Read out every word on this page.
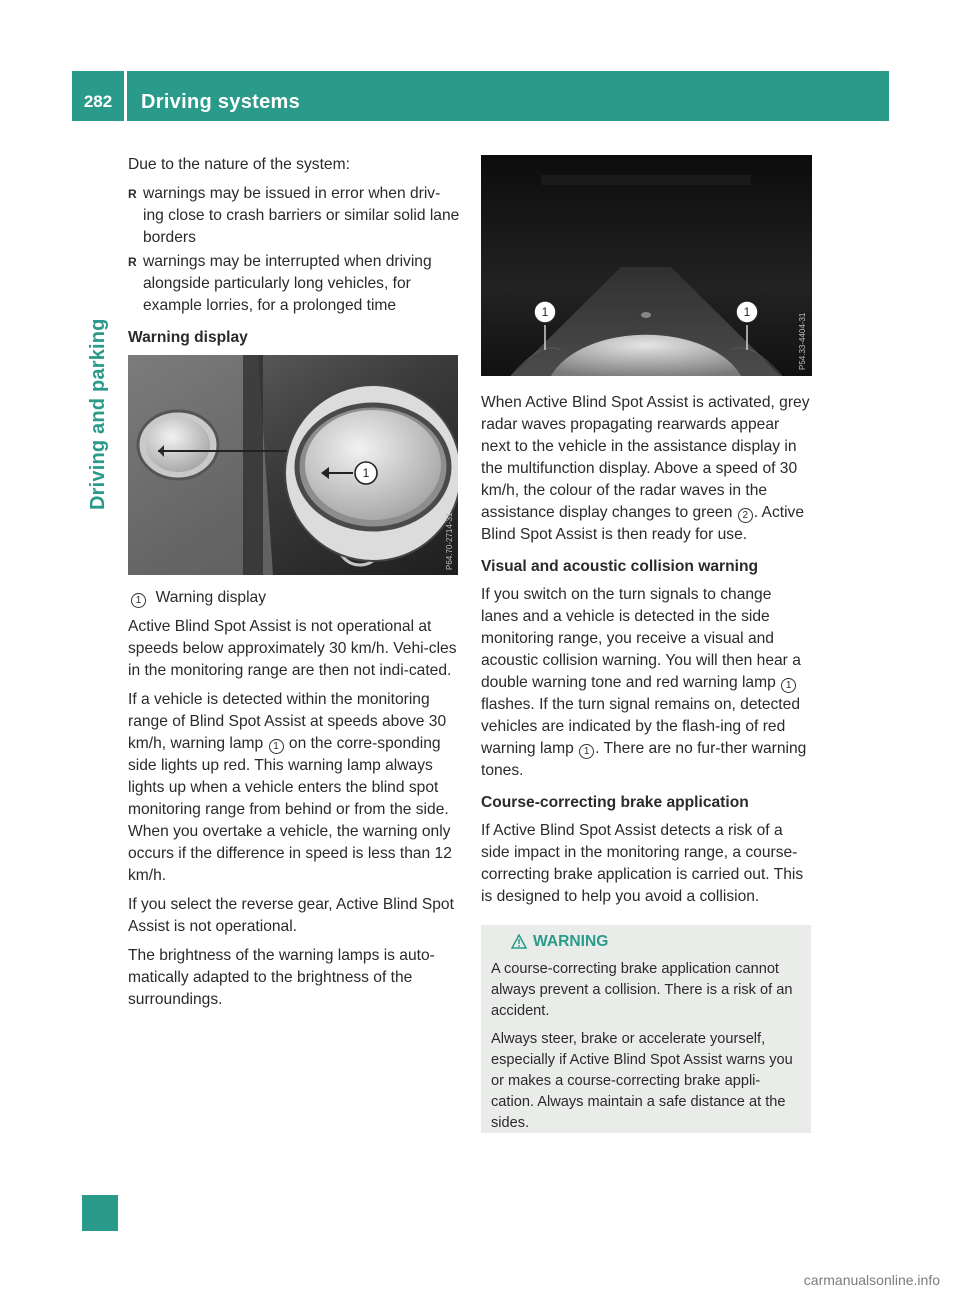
282	Driving systems
Driving and parking

Due to the nature of the system:

R warnings may be issued in error when driv-ing close to crash barriers or similar solid lane borders
R warnings may be interrupted when driving alongside particularly long vehicles, for example lorries, for a prolonged time
Warning display
1
P64.70-2714-31

1 Warning display

Active Blind Spot Assist is not operational at speeds below approximately 30 km/h. Vehi-cles in the monitoring range are then not indi-cated.

If a vehicle is detected within the monitoring range of Blind Spot Assist at speeds above 30 km/h, warning lamp 1 on the corre-sponding side lights up red. This warning lamp always lights up when a vehicle enters the blind spot monitoring range from behind or from the side. When you overtake a vehicle, the warning only occurs if the difference in speed is less than 12 km/h.

If you select the reverse gear, Active Blind Spot Assist is not operational.

The brightness of the warning lamps is auto-matically adapted to the brightness of the surroundings.

1	1
P54.33-4404-31

When Active Blind Spot Assist is activated, grey radar waves propagating rearwards appear next to the vehicle in the assistance display in the multifunction display. Above a speed of 30 km/h, the colour of the radar waves in the assistance display changes to green 2 . Active Blind Spot Assist is then ready for use.

Visual and acoustic collision warning

If you switch on the turn signals to change lanes and a vehicle is detected in the side monitoring range, you receive a visual and acoustic collision warning. You will then hear a double warning tone and red warning lamp 1 flashes. If the turn signal remains on, detected vehicles are indicated by the flash-ing of red warning lamp 1 . There are no fur-ther warning tones.

Course-correcting brake application

If Active Blind Spot Assist detects a risk of a side impact in the monitoring range, a course-correcting brake application is carried out. This is designed to help you avoid a collision.

WARNING

A course-correcting brake application cannot always prevent a collision. There is a risk of an accident.

Always steer, brake or accelerate yourself, especially if Active Blind Spot Assist warns you or makes a course-correcting brake appli-cation. Always maintain a safe distance at the sides.

carmanualsonline.info
